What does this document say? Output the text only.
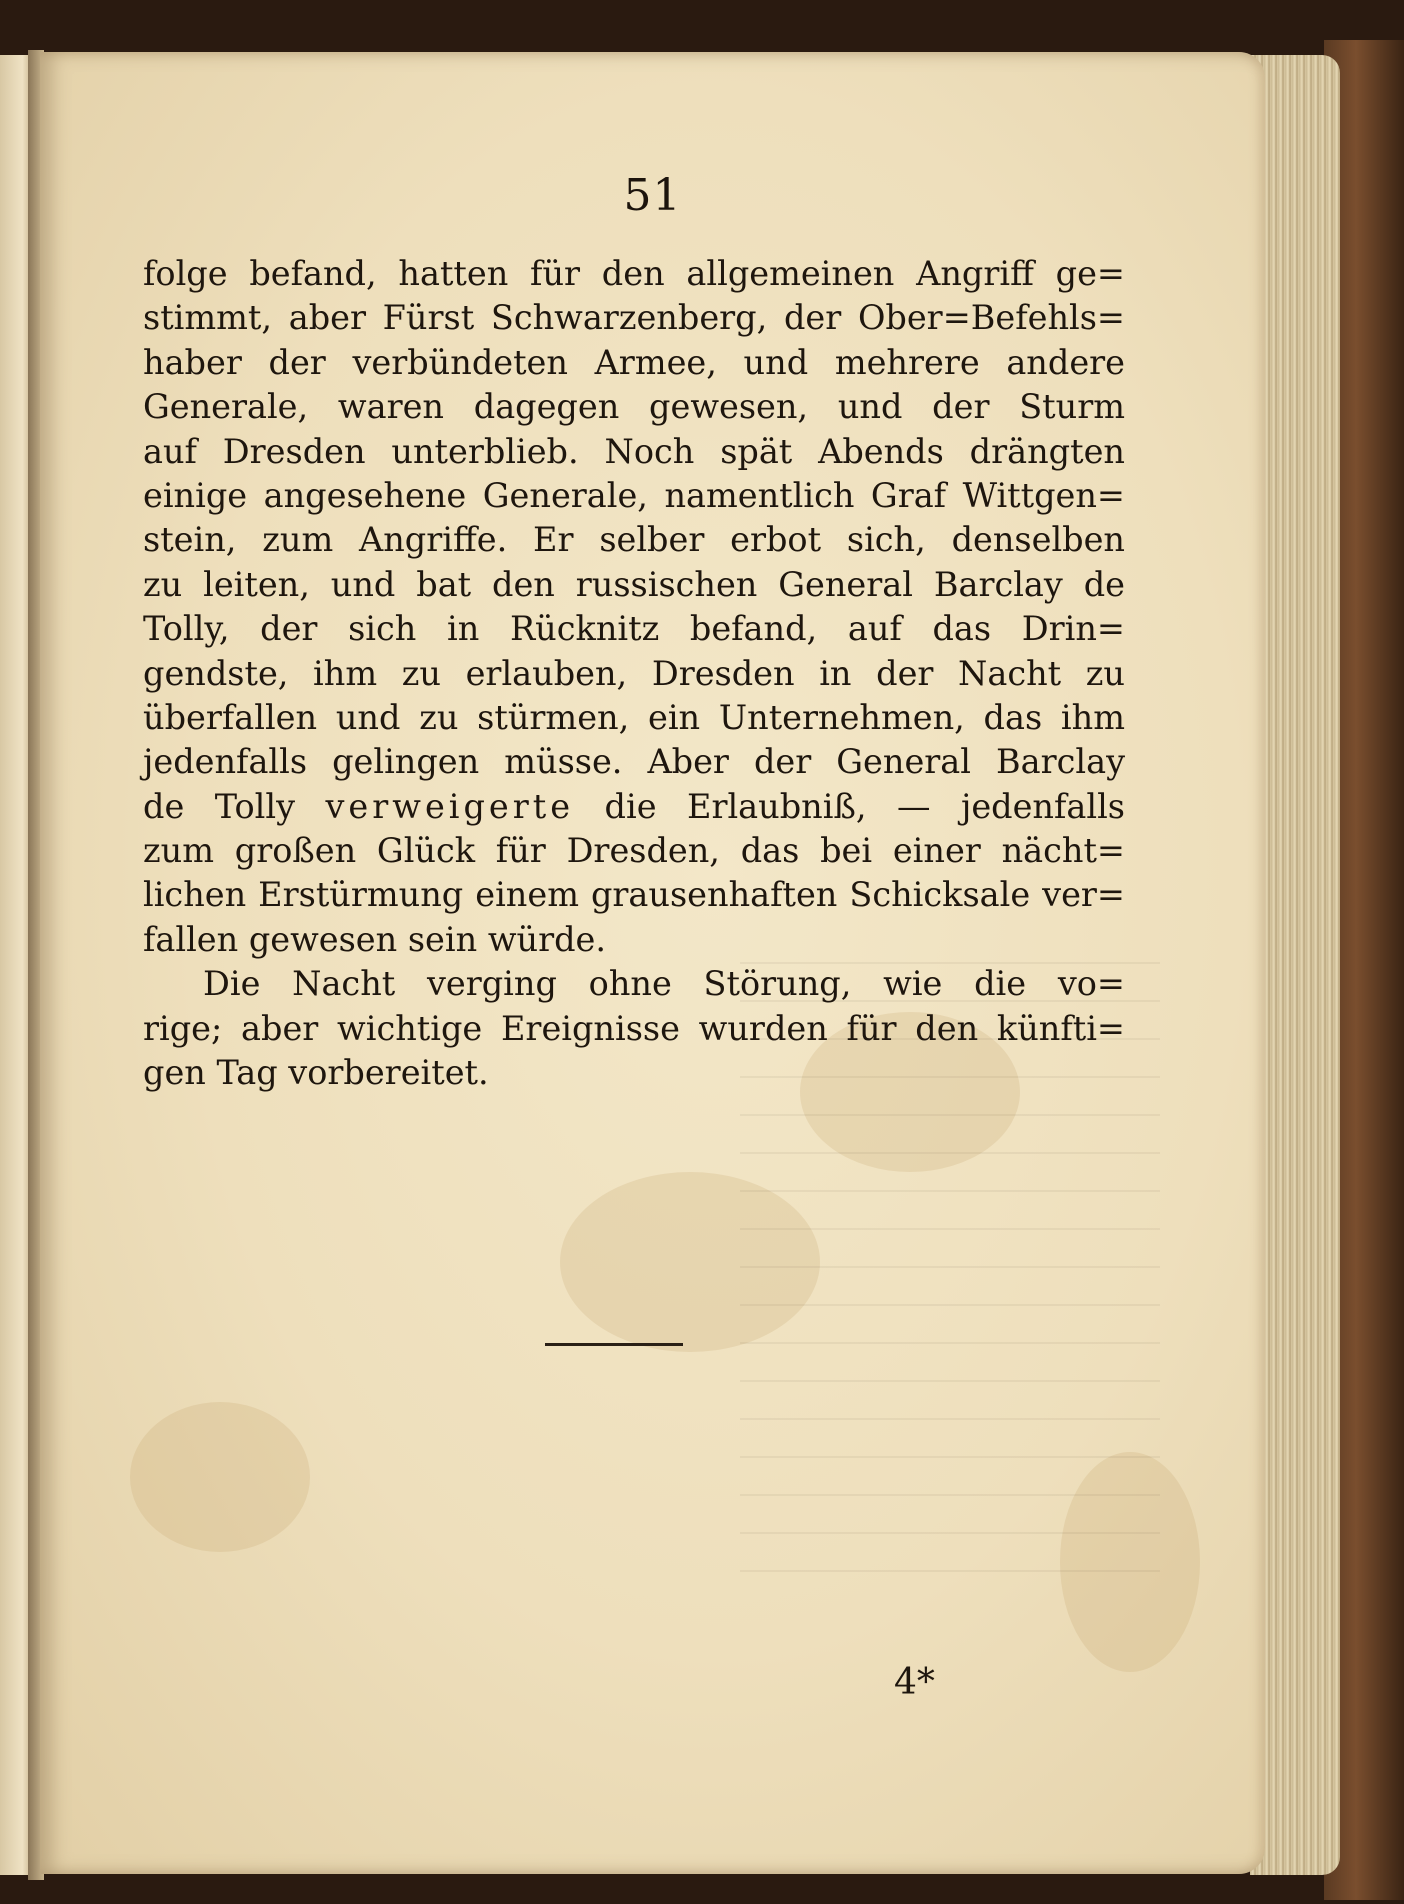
51
folge befand, hatten für den allgemeinen Angriff ge=
stimmt, aber Fürst Schwarzenberg, der Ober=Befehls=
haber der verbündeten Armee, und mehrere andere
Generale, waren dagegen gewesen, und der Sturm
auf Dresden unterblieb. Noch spät Abends drängten
einige angesehene Generale, namentlich Graf Wittgen=
stein, zum Angriffe. Er selber erbot sich, denselben
zu leiten, und bat den russischen General Barclay de
Tolly, der sich in Rücknitz befand, auf das Drin=
gendste, ihm zu erlauben, Dresden in der Nacht zu
überfallen und zu stürmen, ein Unternehmen, das ihm
jedenfalls gelingen müsse. Aber der General Barclay
de Tolly verweigerte die Erlaubniß, — jedenfalls
zum großen Glück für Dresden, das bei einer nächt=
lichen Erstürmung einem grausenhaften Schicksale ver=
fallen gewesen sein würde.
Die Nacht verging ohne Störung, wie die vo=
rige; aber wichtige Ereignisse wurden für den künfti=
gen Tag vorbereitet.
4*
